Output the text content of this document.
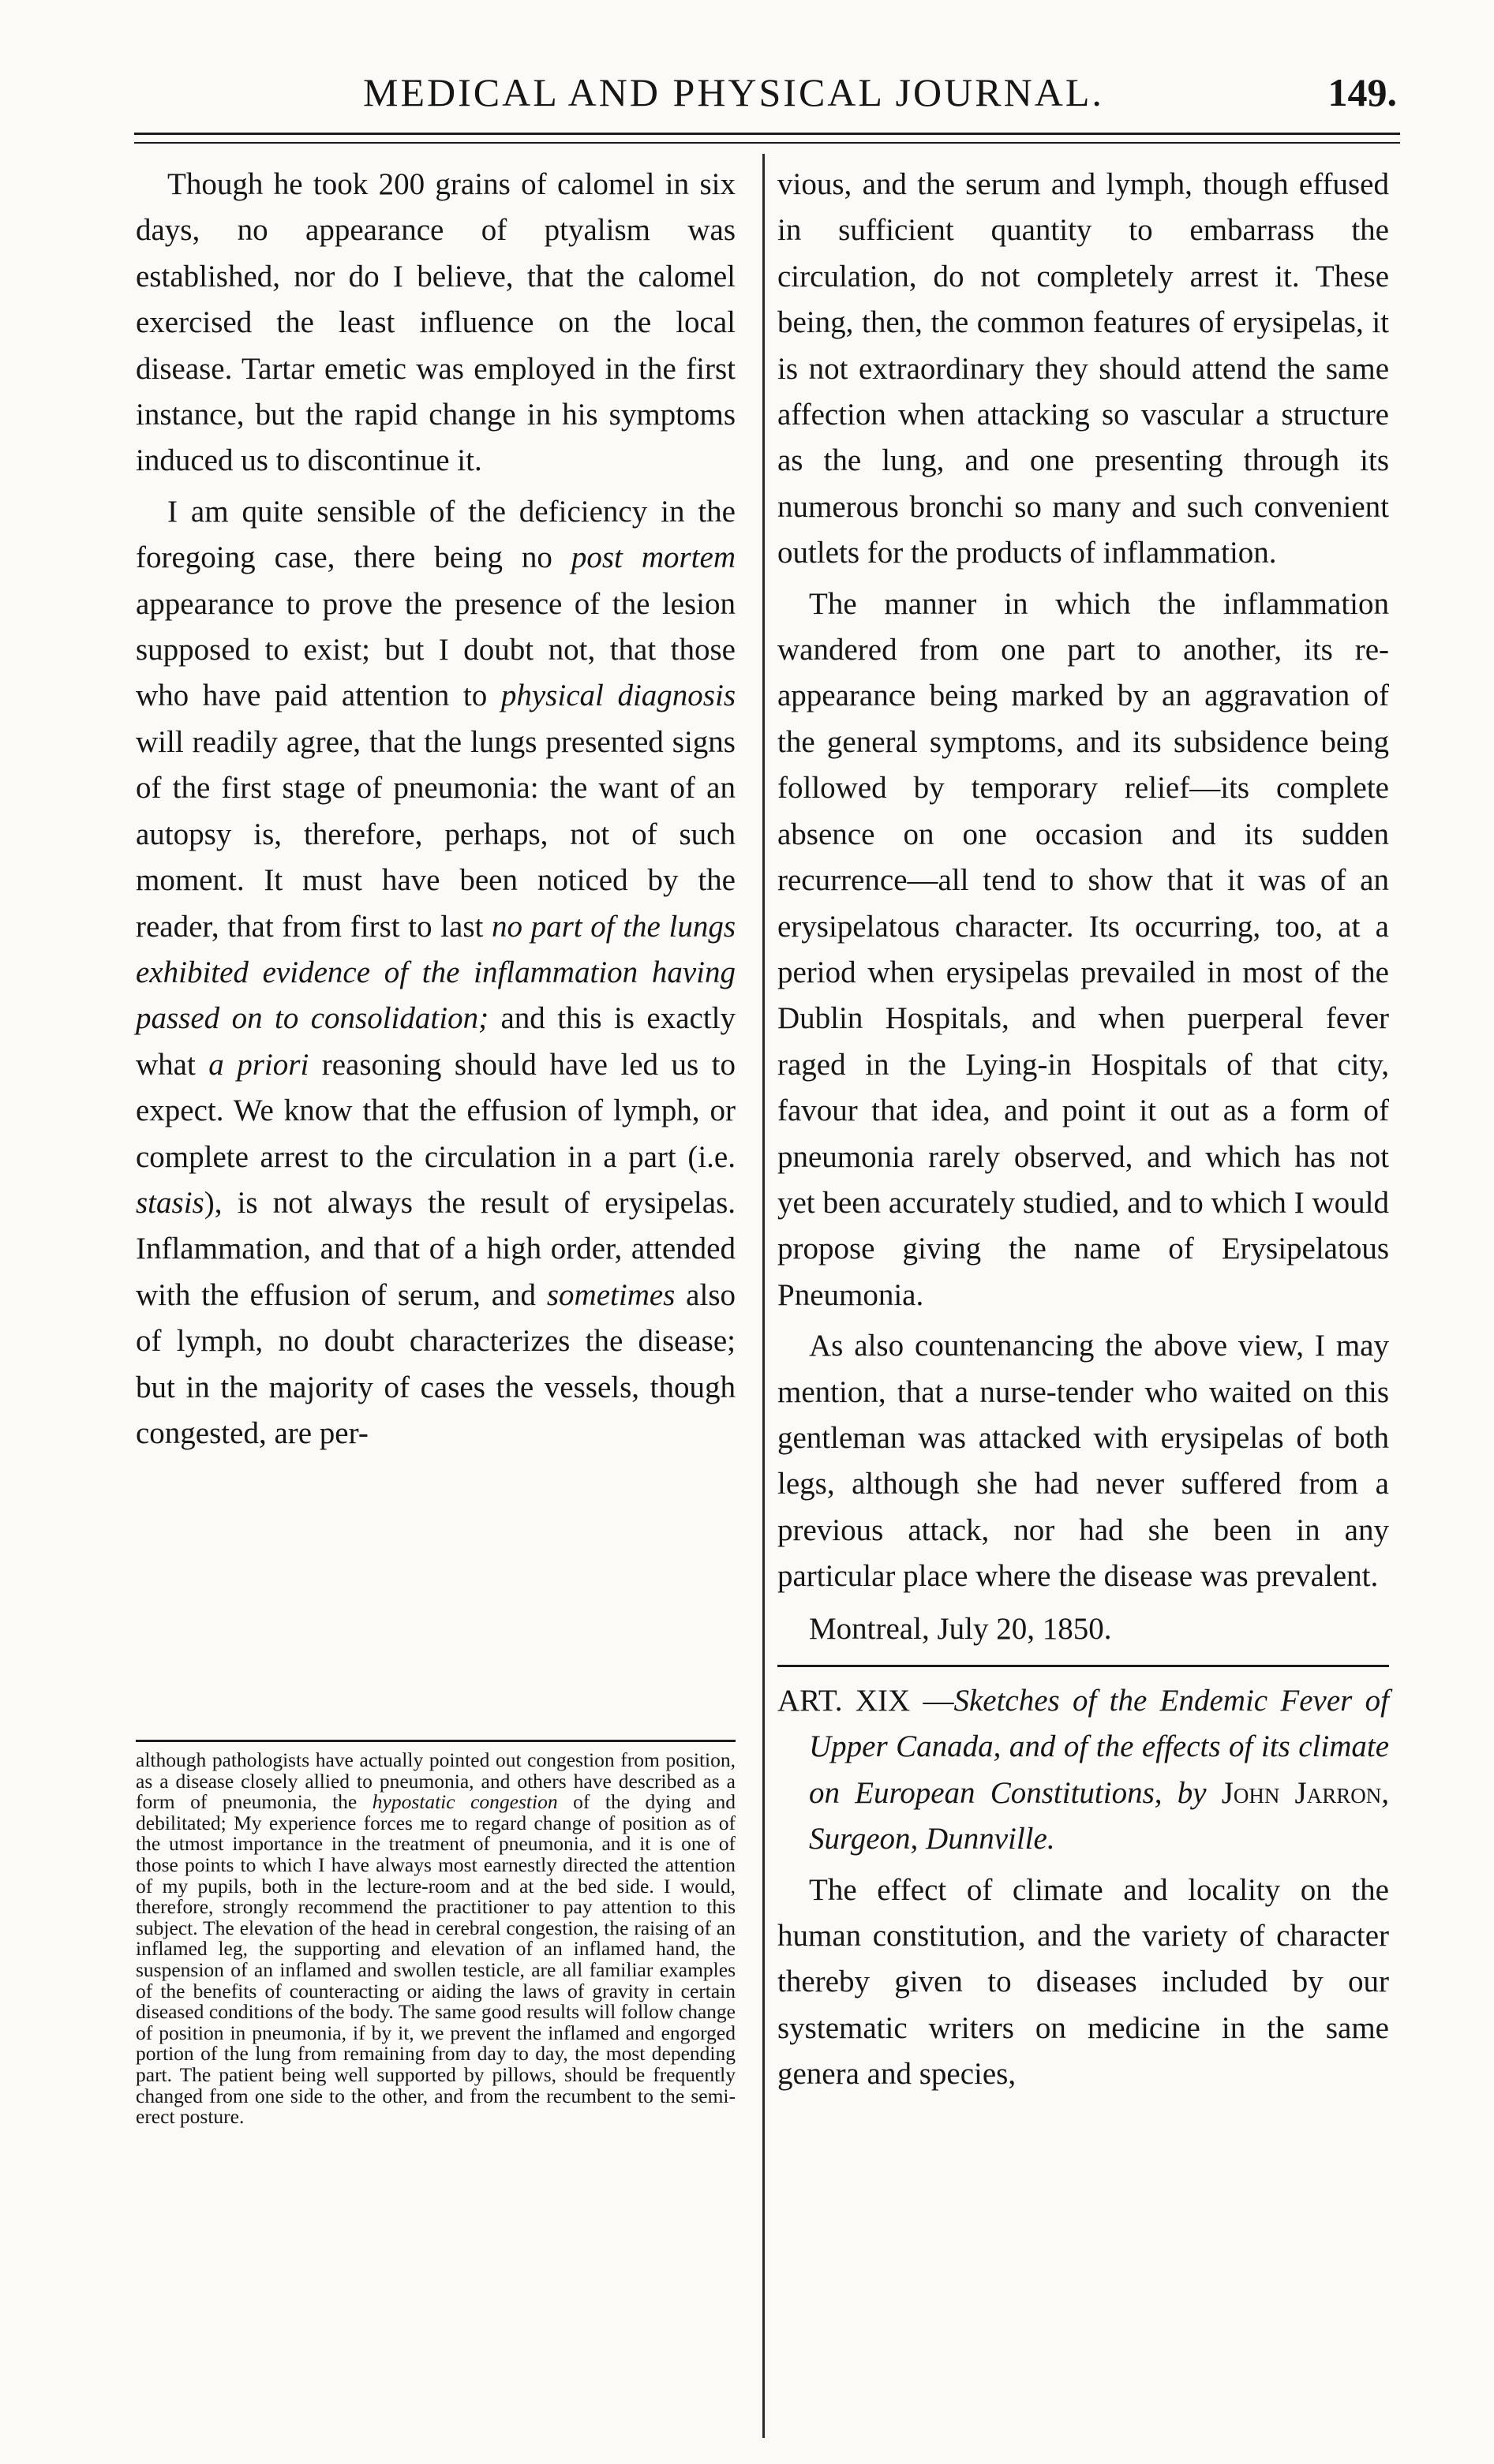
MEDICAL AND PHYSICAL JOURNAL.	149.

Though he took 200 grains of calomel in six days, no appearance of ptyalism was established, nor do I believe, that the calomel exercised the least influence on the local disease. Tartar emetic was employed in the first instance, but the rapid change in his symptoms induced us to discontinue it.

I am quite sensible of the deficiency in the foregoing case, there being no post mortem appearance to prove the presence of the lesion supposed to exist; but I doubt not, that those who have paid attention to physical diagnosis will readily agree, that the lungs presented signs of the first stage of pneumonia: the want of an autopsy is, therefore, perhaps, not of such moment. It must have been noticed by the reader, that from first to last no part of the lungs exhibited evidence of the inflammation having passed on to consolidation; and this is exactly what a priori reasoning should have led us to expect. We know that the effusion of lymph, or complete arrest to the circulation in a part (i.e. stasis), is not always the result of erysipelas. Inflammation, and that of a high order, attended with the effusion of serum, and sometimes also of lymph, no doubt characterizes the disease; but in the majority of cases the vessels, though congested, are per-

although pathologists have actually pointed out congestion from position, as a disease closely allied to pneumonia, and others have described as a form of pneumonia, the hypostatic congestion of the dying and debilitated; My experience forces me to regard change of position as of the utmost importance in the treatment of pneumonia, and it is one of those points to which I have always most earnestly directed the attention of my pupils, both in the lecture-room and at the bed side. I would, therefore, strongly recommend the practitioner to pay attention to this subject. The elevation of the head in cerebral congestion, the raising of an inflamed leg, the supporting and elevation of an inflamed hand, the suspension of an inflamed and swollen testicle, are all familiar examples of the benefits of counteracting or aiding the laws of gravity in certain diseased conditions of the body. The same good results will follow change of position in pneumonia, if by it, we prevent the inflamed and engorged portion of the lung from remaining from day to day, the most depending part. The patient being well supported by pillows, should be frequently changed from one side to the other, and from the recumbent to the semi-erect posture.

vious, and the serum and lymph, though effused in sufficient quantity to embarrass the circulation, do not completely arrest it. These being, then, the common features of erysipelas, it is not extraordinary they should attend the same affection when attacking so vascular a structure as the lung, and one presenting through its numerous bronchi so many and such convenient outlets for the products of inflammation.

The manner in which the inflammation wandered from one part to another, its re-appearance being marked by an aggravation of the general symptoms, and its subsidence being followed by temporary relief—its complete absence on one occasion and its sudden recurrence—all tend to show that it was of an erysipelatous character. Its occurring, too, at a period when erysipelas prevailed in most of the Dublin Hospitals, and when puerperal fever raged in the Lying-in Hospitals of that city, favour that idea, and point it out as a form of pneumonia rarely observed, and which has not yet been accurately studied, and to which I would propose giving the name of Erysipelatous Pneumonia.

As also countenancing the above view, I may mention, that a nurse-tender who waited on this gentleman was attacked with erysipelas of both legs, although she had never suffered from a previous attack, nor had she been in any particular place where the disease was prevalent.

Montreal, July 20, 1850.

ART. XIX —Sketches of the Endemic Fever of Upper Canada, and of the effects of its climate on European Constitutions, by John Jarron, Surgeon, Dunnville.

The effect of climate and locality on the human constitution, and the variety of character thereby given to diseases included by our systematic writers on medicine in the same genera and species,
